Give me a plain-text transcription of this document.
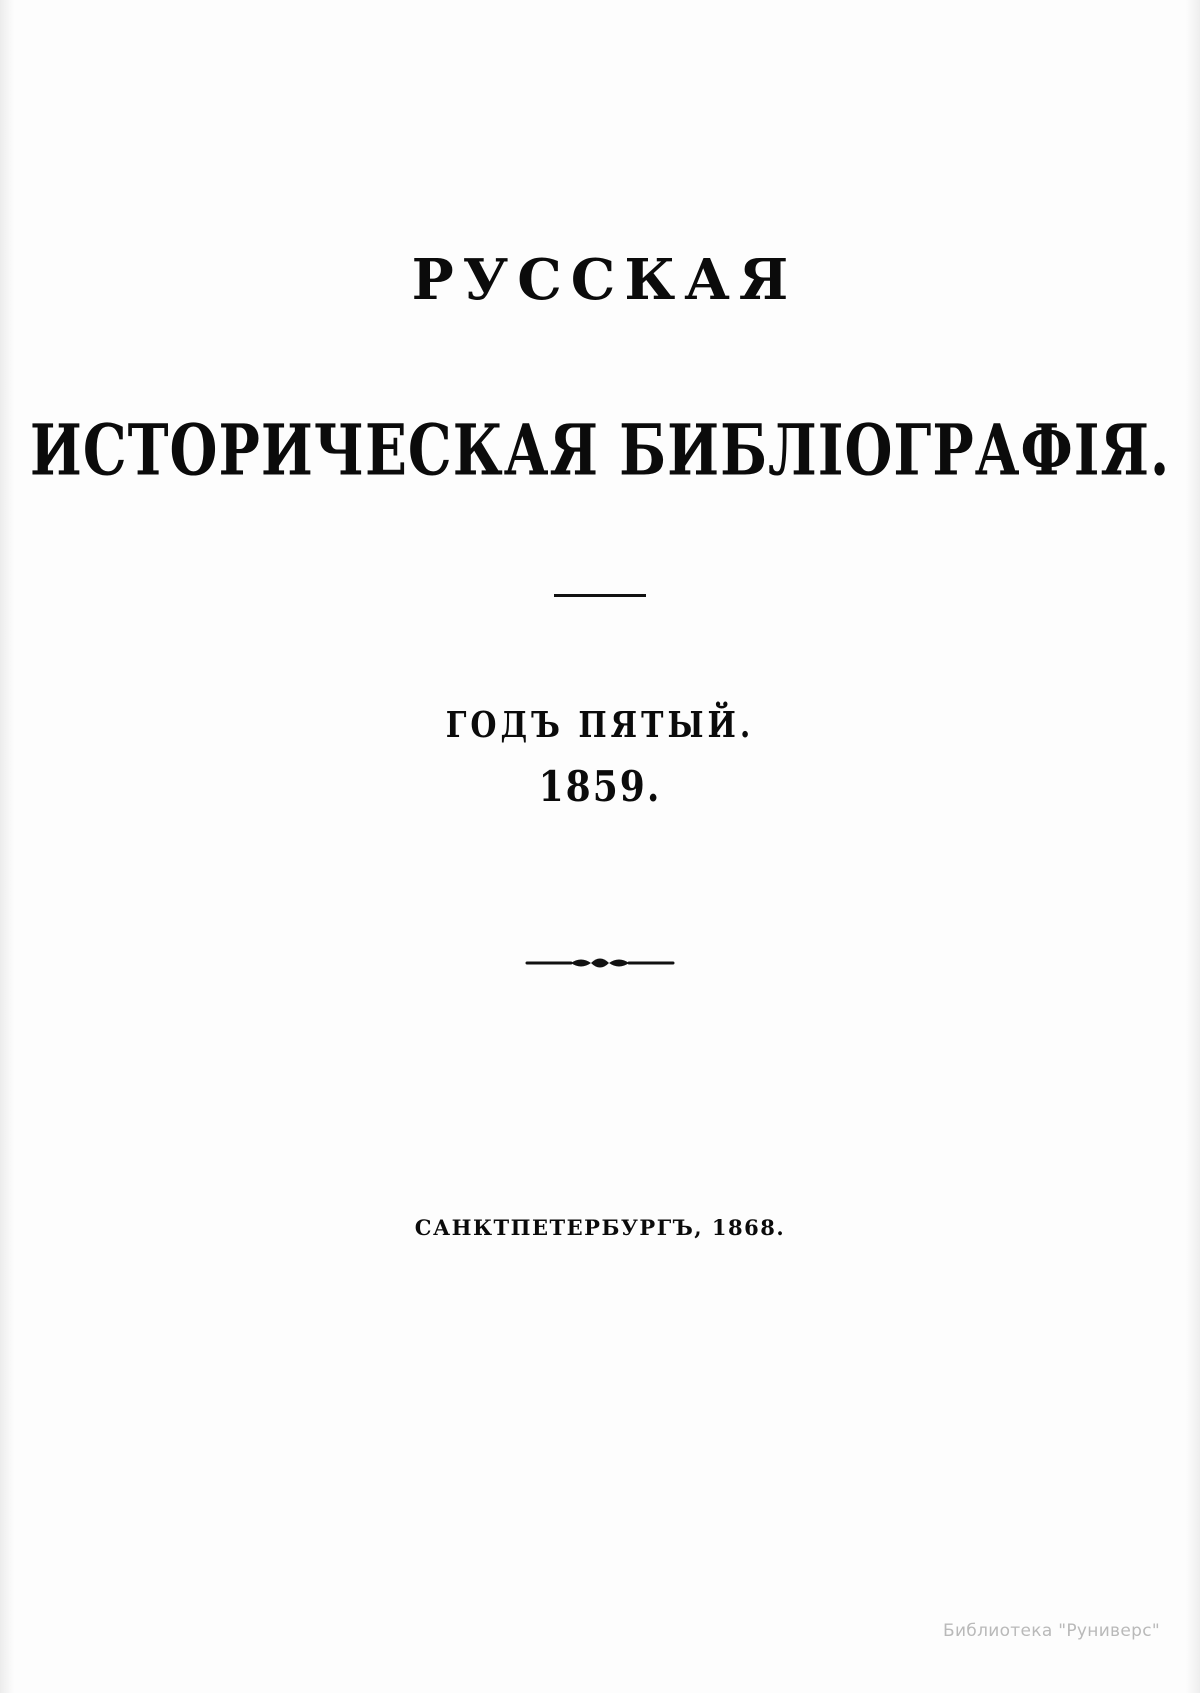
РУССКАЯ
ИСТОРИЧЕСКАЯ БИБЛІОГРАФІЯ.
ГОДЪ ПЯТЫЙ.
1859.
САНКТПЕТЕРБУРГЪ, 1868.
Библиотека "Руниверс"
